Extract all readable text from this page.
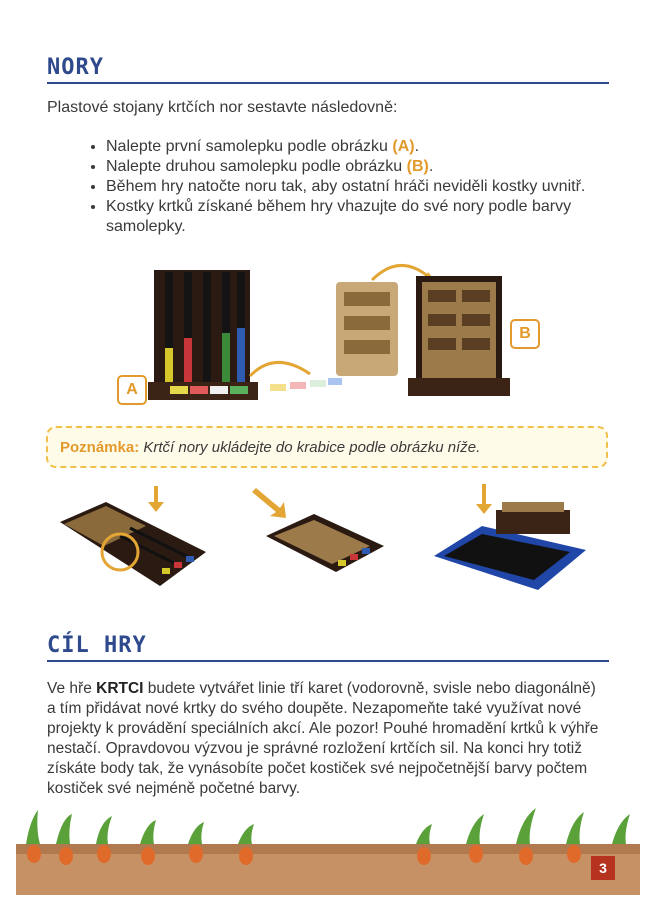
NORY
Plastové stojany krtčích nor sestavte následovně:
• Nalepte první samolepku podle obrázku (A).
• Nalepte druhou samolepku podle obrázku (B).
• Během hry natočte noru tak, aby ostatní hráči neviděli kostky uvnitř.
• Kostky krtků získané během hry vhazujte do své nory podle barvy samolepky.
A
B
Poznámka: Krtčí nory ukládejte do krabice podle obrázku níže.
CÍL HRY
Ve hře KRTCI budete vytvářet linie tří karet (vodorovně, svisle nebo diagonálně) a tím přidávat nové krtky do svého doupěte. Nezapomeňte také využívat nové projekty k provádění speciálních akcí. Ale pozor! Pouhé hromadění krtků k výhře nestačí. Opravdovou výzvou je správné rozložení krtčích sil. Na konci hry totiž získáte body tak, že vynásobíte počet kostiček své nejpočetnější barvy počtem kostiček své nejméně početné barvy.
3
